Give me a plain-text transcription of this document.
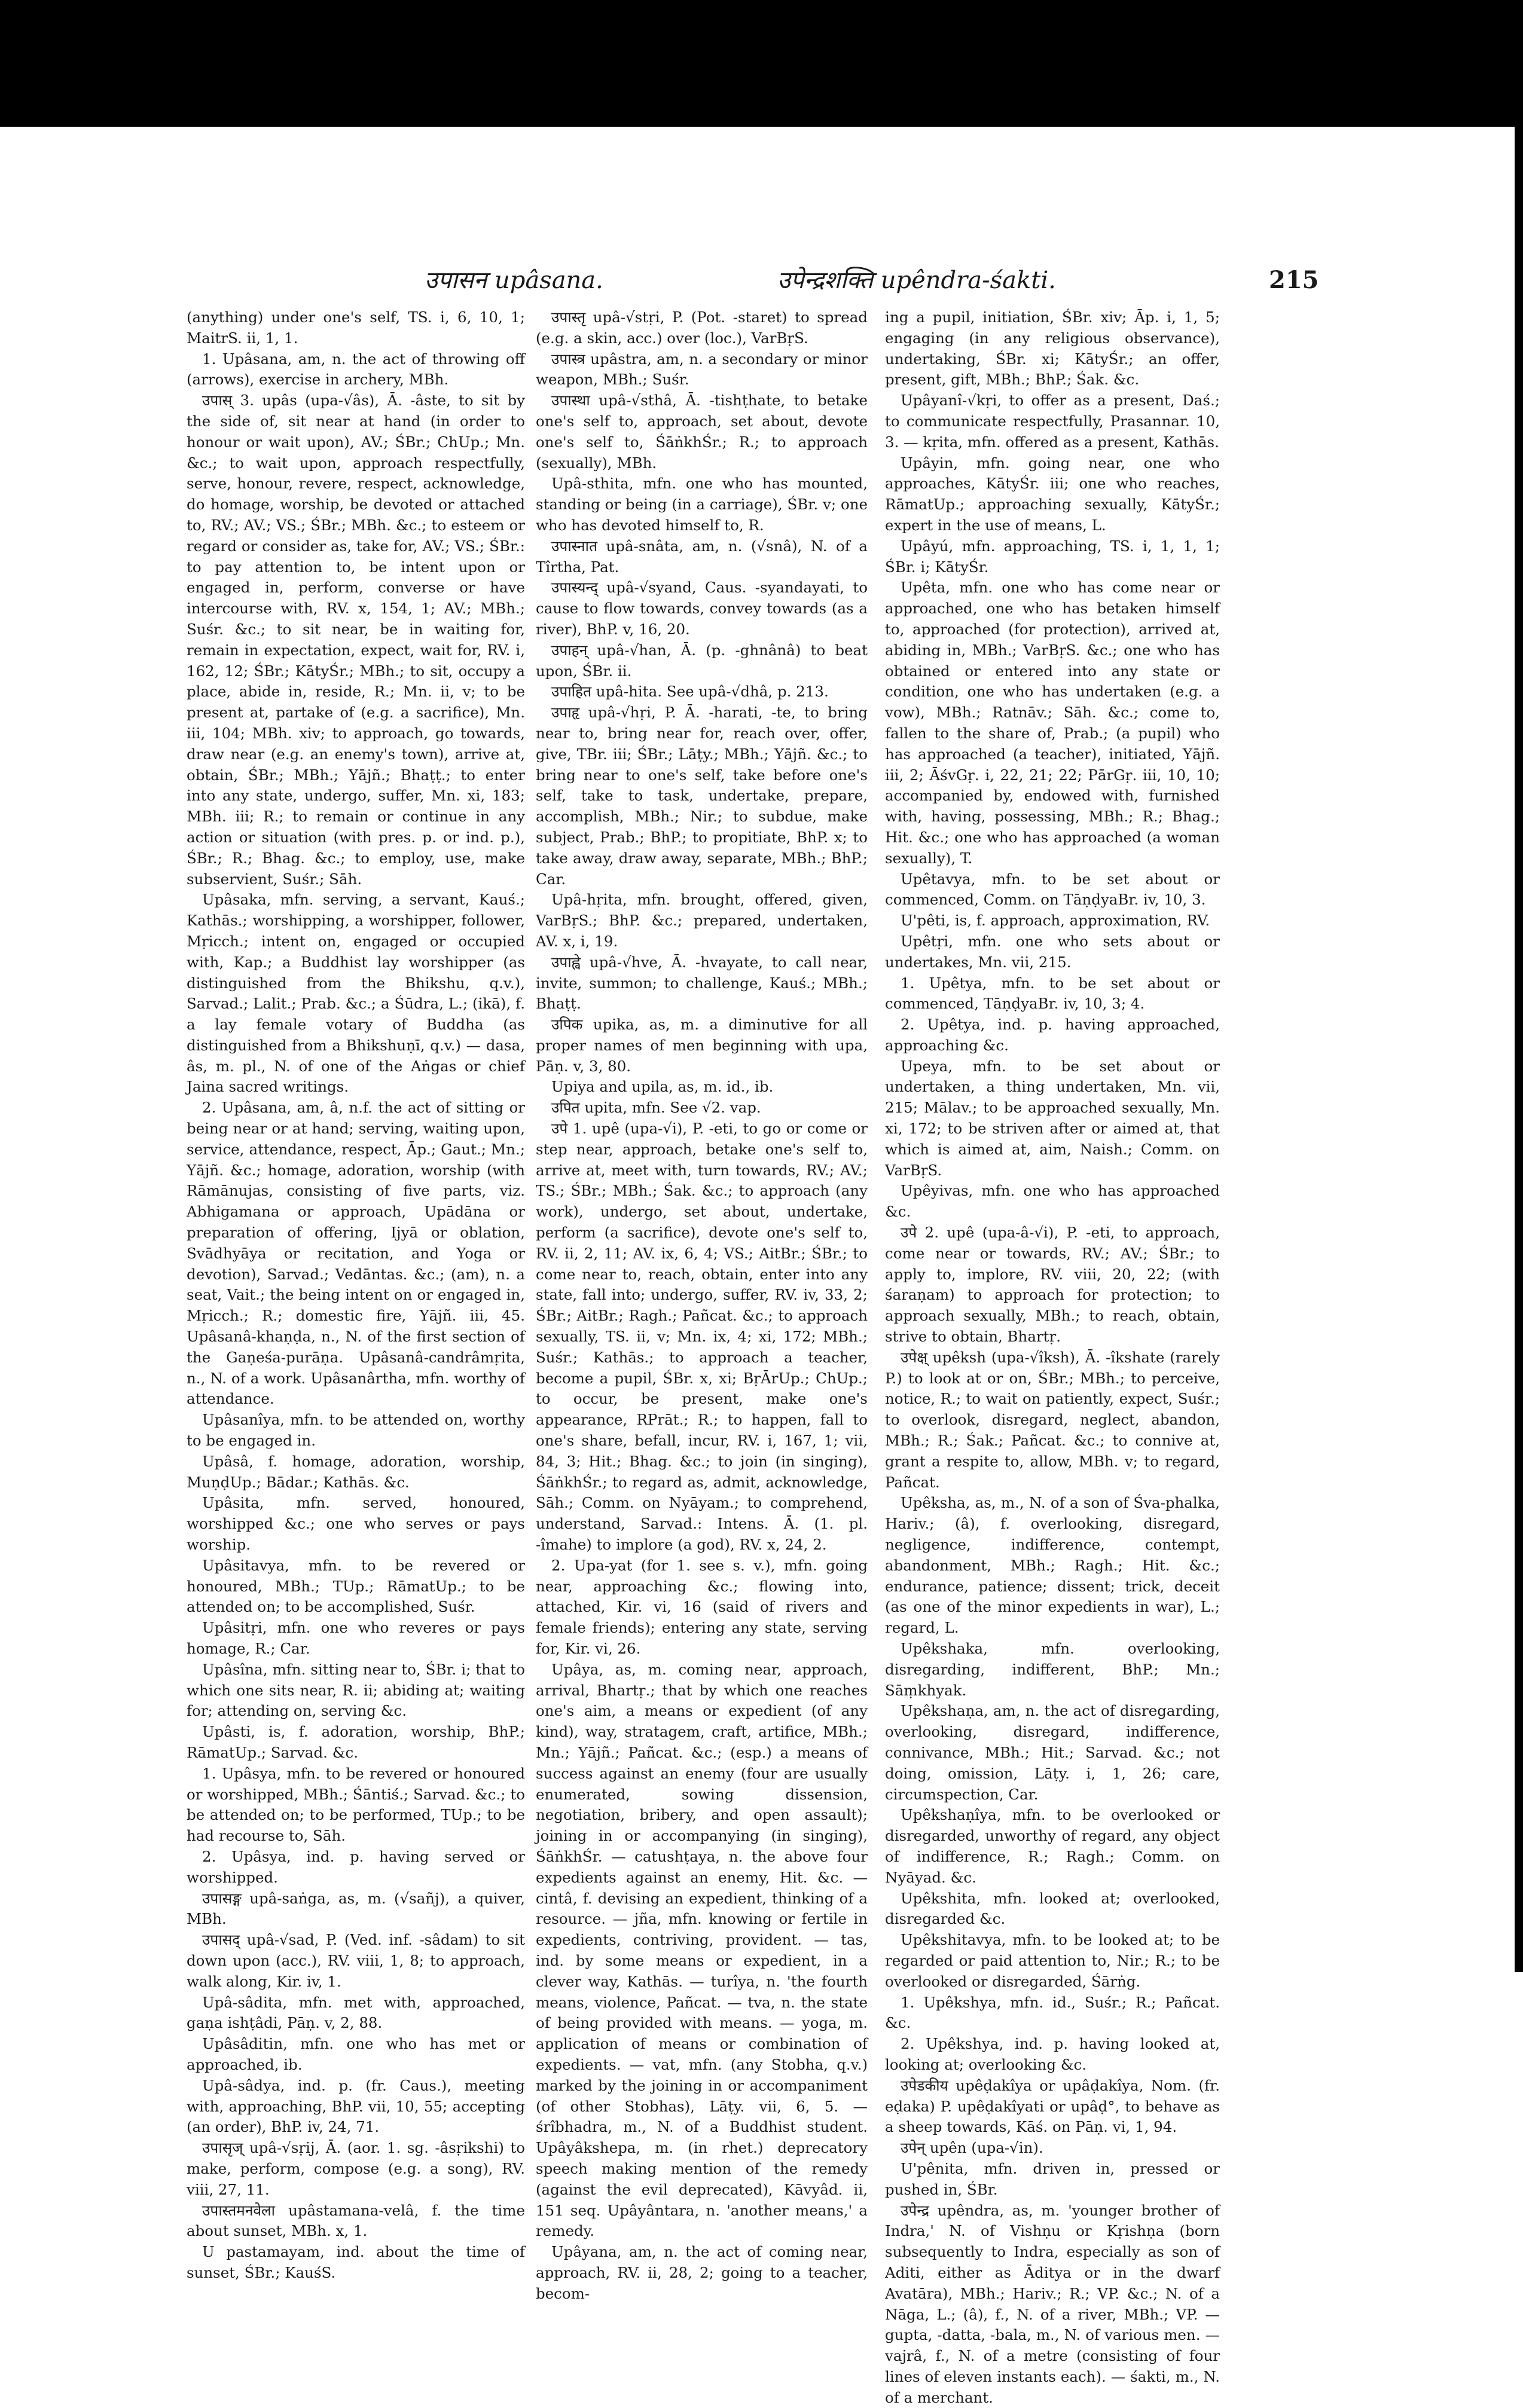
उपासन upâsana.	उपेन्द्रशक्ति upêndra-śakti.	215

(anything) under one's self, TS. i, 6, 10, 1; MaitrS. ii, 1, 1.

1. Upâsana, am, n. the act of throwing off (arrows), exercise in archery, MBh.

उपास् 3. upâs (upa-√âs), Ā. -âste, to sit by the side of, sit near at hand (in order to honour or wait upon), AV.; ŚBr.; ChUp.; Mn. &c.; to wait upon, approach respectfully, serve, honour, revere, respect, acknowledge, do homage, worship, be devoted or attached to, RV.; AV.; VS.; ŚBr.; MBh. &c.; to esteem or regard or consider as, take for, AV.; VS.; ŚBr.: to pay attention to, be intent upon or engaged in, perform, converse or have intercourse with, RV. x, 154, 1; AV.; MBh.; Suśr. &c.; to sit near, be in waiting for, remain in expectation, expect, wait for, RV. i, 162, 12; ŚBr.; KātyŚr.; MBh.; to sit, occupy a place, abide in, reside, R.; Mn. ii, v; to be present at, partake of (e.g. a sacrifice), Mn. iii, 104; MBh. xiv; to approach, go towards, draw near (e.g. an enemy's town), arrive at, obtain, ŚBr.; MBh.; Yājñ.; Bhaṭṭ.; to enter into any state, undergo, suffer, Mn. xi, 183; MBh. iii; R.; to remain or continue in any action or situation (with pres. p. or ind. p.), ŚBr.; R.; Bhag. &c.; to employ, use, make subservient, Suśr.; Sāh.

Upâsaka, mfn. serving, a servant, Kauś.; Kathās.; worshipping, a worshipper, follower, Mṛicch.; intent on, engaged or occupied with, Kap.; a Buddhist lay worshipper (as distinguished from the Bhikshu, q.v.), Sarvad.; Lalit.; Prab. &c.; a Śūdra, L.; (ikā), f. a lay female votary of Buddha (as distinguished from a Bhikshuṇī, q.v.) — dasa, âs, m. pl., N. of one of the Aṅgas or chief Jaina sacred writings.

2. Upâsana, am, â, n.f. the act of sitting or being near or at hand; serving, waiting upon, service, attendance, respect, Āp.; Gaut.; Mn.; Yājñ. &c.; homage, adoration, worship (with Rāmānujas, consisting of five parts, viz. Abhigamana or approach, Upādāna or preparation of offering, Ijyā or oblation, Svādhyāya or recitation, and Yoga or devotion), Sarvad.; Vedāntas. &c.; (am), n. a seat, Vait.; the being intent on or engaged in, Mṛicch.; R.; domestic fire, Yājñ. iii, 45. Upâsanâ-khaṇḍa, n., N. of the first section of the Gaṇeśa-purāṇa. Upâsanâ-candrâmṛita, n., N. of a work. Upâsanârtha, mfn. worthy of attendance.

Upâsanîya, mfn. to be attended on, worthy to be engaged in.

Upâsâ, f. homage, adoration, worship, MuṇḍUp.; Bādar.; Kathās. &c.

Upâsita, mfn. served, honoured, worshipped &c.; one who serves or pays worship.

Upâsitavya, mfn. to be revered or honoured, MBh.; TUp.; RāmatUp.; to be attended on; to be accomplished, Suśr.

Upâsitṛi, mfn. one who reveres or pays homage, R.; Car.

Upâsîna, mfn. sitting near to, ŚBr. i; that to which one sits near, R. ii; abiding at; waiting for; attending on, serving &c.

Upâsti, is, f. adoration, worship, BhP.; RāmatUp.; Sarvad. &c.

1. Upâsya, mfn. to be revered or honoured or worshipped, MBh.; Śāntiś.; Sarvad. &c.; to be attended on; to be performed, TUp.; to be had recourse to, Sāh.

2. Upâsya, ind. p. having served or worshipped.

उपासङ्ग upâ-saṅga, as, m. (√sañj), a quiver, MBh.

उपासद् upâ-√sad, P. (Ved. inf. -sâdam) to sit down upon (acc.), RV. viii, 1, 8; to approach, walk along, Kir. iv, 1.

Upâ-sâdita, mfn. met with, approached, gaṇa ishṭâdi, Pāṇ. v, 2, 88.

Upâsâditin, mfn. one who has met or approached, ib.

Upâ-sâdya, ind. p. (fr. Caus.), meeting with, approaching, BhP. vii, 10, 55; accepting (an order), BhP. iv, 24, 71.

उपासृज् upâ-√sṛij, Ā. (aor. 1. sg. -âsṛikshi) to make, perform, compose (e.g. a song), RV. viii, 27, 11.

उपास्तमनवेला upâstamana-velâ, f. the time about sunset, MBh. x, 1.

U pastamayam, ind. about the time of sunset, ŚBr.; KauśS.

उपास्तृ upâ-√stṛi, P. (Pot. -staret) to spread (e.g. a skin, acc.) over (loc.), VarBṛS.

उपास्त्र upâstra, am, n. a secondary or minor weapon, MBh.; Suśr.

उपास्था upâ-√sthâ, Ā. -tishṭhate, to betake one's self to, approach, set about, devote one's self to, ŚāṅkhŚr.; R.; to approach (sexually), MBh.

Upâ-sthita, mfn. one who has mounted, standing or being (in a carriage), ŚBr. v; one who has devoted himself to, R.

उपास्नात upâ-snâta, am, n. (√snâ), N. of a Tîrtha, Pat.

उपास्यन्द् upâ-√syand, Caus. -syandayati, to cause to flow towards, convey towards (as a river), BhP. v, 16, 20.

उपाहन् upâ-√han, Ā. (p. -ghnânâ) to beat upon, ŚBr. ii.

उपाहित upâ-hita. See upâ-√dhâ, p. 213.

उपाहृ upâ-√hṛi, P. Ā. -harati, -te, to bring near to, bring near for, reach over, offer, give, TBr. iii; ŚBr.; Lāṭy.; MBh.; Yājñ. &c.; to bring near to one's self, take before one's self, take to task, undertake, prepare, accomplish, MBh.; Nir.; to subdue, make subject, Prab.; BhP.; to propitiate, BhP. x; to take away, draw away, separate, MBh.; BhP.; Car.

Upâ-hṛita, mfn. brought, offered, given, VarBṛS.; BhP. &c.; prepared, undertaken, AV. x, i, 19.

उपाह्वे upâ-√hve, Ā. -hvayate, to call near, invite, summon; to challenge, Kauś.; MBh.; Bhaṭṭ.

उपिक upika, as, m. a diminutive for all proper names of men beginning with upa, Pāṇ. v, 3, 80.

Upiya and upila, as, m. id., ib.

उपित upita, mfn. See √2. vap.

उपे 1. upê (upa-√i), P. -eti, to go or come or step near, approach, betake one's self to, arrive at, meet with, turn towards, RV.; AV.; TS.; ŚBr.; MBh.; Śak. &c.; to approach (any work), undergo, set about, undertake, perform (a sacrifice), devote one's self to, RV. ii, 2, 11; AV. ix, 6, 4; VS.; AitBr.; ŚBr.; to come near to, reach, obtain, enter into any state, fall into; undergo, suffer, RV. iv, 33, 2; ŚBr.; AitBr.; Ragh.; Pañcat. &c.; to approach sexually, TS. ii, v; Mn. ix, 4; xi, 172; MBh.; Suśr.; Kathās.; to approach a teacher, become a pupil, ŚBr. x, xi; BṛĀrUp.; ChUp.; to occur, be present, make one's appearance, RPrāt.; R.; to happen, fall to one's share, befall, incur, RV. i, 167, 1; vii, 84, 3; Hit.; Bhag. &c.; to join (in singing), ŚāṅkhŚr.; to regard as, admit, acknowledge, Sāh.; Comm. on Nyāyam.; to comprehend, understand, Sarvad.: Intens. Ā. (1. pl. -îmahe) to implore (a god), RV. x, 24, 2.

2. Upa-yat (for 1. see s. v.), mfn. going near, approaching &c.; flowing into, attached, Kir. vi, 16 (said of rivers and female friends); entering any state, serving for, Kir. vi, 26.

Upâya, as, m. coming near, approach, arrival, Bhartṛ.; that by which one reaches one's aim, a means or expedient (of any kind), way, stratagem, craft, artifice, MBh.; Mn.; Yājñ.; Pañcat. &c.; (esp.) a means of success against an enemy (four are usually enumerated, sowing dissension, negotiation, bribery, and open assault); joining in or accompanying (in singing), ŚāṅkhŚr. — catushṭaya, n. the above four expedients against an enemy, Hit. &c. — cintâ, f. devising an expedient, thinking of a resource. — jña, mfn. knowing or fertile in expedients, contriving, provident. — tas, ind. by some means or expedient, in a clever way, Kathās. — turîya, n. 'the fourth means, violence, Pañcat. — tva, n. the state of being provided with means. — yoga, m. application of means or combination of expedients. — vat, mfn. (any Stobha, q.v.) marked by the joining in or accompaniment (of other Stobhas), Lāṭy. vii, 6, 5. — śrîbhadra, m., N. of a Buddhist student. Upâyâkshepa, m. (in rhet.) deprecatory speech making mention of the remedy (against the evil deprecated), Kāvyâd. ii, 151 seq. Upâyântara, n. 'another means,' a remedy.

Upâyana, am, n. the act of coming near, approach, RV. ii, 28, 2; going to a teacher, becom-

ing a pupil, initiation, ŚBr. xiv; Āp. i, 1, 5; engaging (in any religious observance), undertaking, ŚBr. xi; KātyŚr.; an offer, present, gift, MBh.; BhP.; Śak. &c.

Upâyanî-√kṛi, to offer as a present, Daś.; to communicate respectfully, Prasannar. 10, 3. — kṛita, mfn. offered as a present, Kathās.

Upâyin, mfn. going near, one who approaches, KātyŚr. iii; one who reaches, RāmatUp.; approaching sexually, KātyŚr.; expert in the use of means, L.

Upâyú, mfn. approaching, TS. i, 1, 1, 1; ŚBr. i; KātyŚr.

Upêta, mfn. one who has come near or approached, one who has betaken himself to, approached (for protection), arrived at, abiding in, MBh.; VarBṛS. &c.; one who has obtained or entered into any state or condition, one who has undertaken (e.g. a vow), MBh.; Ratnāv.; Sāh. &c.; come to, fallen to the share of, Prab.; (a pupil) who has approached (a teacher), initiated, Yājñ. iii, 2; ĀśvGṛ. i, 22, 21; 22; PārGṛ. iii, 10, 10; accompanied by, endowed with, furnished with, having, possessing, MBh.; R.; Bhag.; Hit. &c.; one who has approached (a woman sexually), T.

Upêtavya, mfn. to be set about or commenced, Comm. on TāṇḍyaBr. iv, 10, 3.

U'pêti, is, f. approach, approximation, RV.

Upêtṛi, mfn. one who sets about or undertakes, Mn. vii, 215.

1. Upêtya, mfn. to be set about or commenced, TāṇḍyaBr. iv, 10, 3; 4.

2. Upêtya, ind. p. having approached, approaching &c.

Upeya, mfn. to be set about or undertaken, a thing undertaken, Mn. vii, 215; Mālav.; to be approached sexually, Mn. xi, 172; to be striven after or aimed at, that which is aimed at, aim, Naish.; Comm. on VarBṛS.

Upêyivas, mfn. one who has approached &c.

उपे 2. upê (upa-â-√i), P. -eti, to approach, come near or towards, RV.; AV.; ŚBr.; to apply to, implore, RV. viii, 20, 22; (with śaraṇam) to approach for protection; to approach sexually, MBh.; to reach, obtain, strive to obtain, Bhartṛ.

उपेक्ष् upêksh (upa-√îksh), Ā. -îkshate (rarely P.) to look at or on, ŚBr.; MBh.; to perceive, notice, R.; to wait on patiently, expect, Suśr.; to overlook, disregard, neglect, abandon, MBh.; R.; Śak.; Pañcat. &c.; to connive at, grant a respite to, allow, MBh. v; to regard, Pañcat.

Upêksha, as, m., N. of a son of Śva-phalka, Hariv.; (â), f. overlooking, disregard, negligence, indifference, contempt, abandonment, MBh.; Ragh.; Hit. &c.; endurance, patience; dissent; trick, deceit (as one of the minor expedients in war), L.; regard, L.

Upêkshaka, mfn. overlooking, disregarding, indifferent, BhP.; Mn.; Sāṃkhyak.

Upêkshaṇa, am, n. the act of disregarding, overlooking, disregard, indifference, connivance, MBh.; Hit.; Sarvad. &c.; not doing, omission, Lāṭy. i, 1, 26; care, circumspection, Car.

Upêkshaṇîya, mfn. to be overlooked or disregarded, unworthy of regard, any object of indifference, R.; Ragh.; Comm. on Nyāyad. &c.

Upêkshita, mfn. looked at; overlooked, disregarded &c.

Upêkshitavya, mfn. to be looked at; to be regarded or paid attention to, Nir.; R.; to be overlooked or disregarded, Śārṅg.

1. Upêkshya, mfn. id., Suśr.; R.; Pañcat. &c.

2. Upêkshya, ind. p. having looked at, looking at; overlooking &c.

उपेडकीय upêḍakîya or upâḍakîya, Nom. (fr. eḍaka) P. upêḍakîyati or upâḍ°, to behave as a sheep towards, Kāś. on Pāṇ. vi, 1, 94.

उपेन् upên (upa-√in).

U'pênita, mfn. driven in, pressed or pushed in, ŚBr.

उपेन्द्र upêndra, as, m. 'younger brother of Indra,' N. of Vishṇu or Kṛishṇa (born subsequently to Indra, especially as son of Aditi, either as Āditya or in the dwarf Avatāra), MBh.; Hariv.; R.; VP. &c.; N. of a Nāga, L.; (â), f., N. of a river, MBh.; VP. — gupta, -datta, -bala, m., N. of various men. — vajrâ, f., N. of a metre (consisting of four lines of eleven instants each). — śakti, m., N. of a merchant.
